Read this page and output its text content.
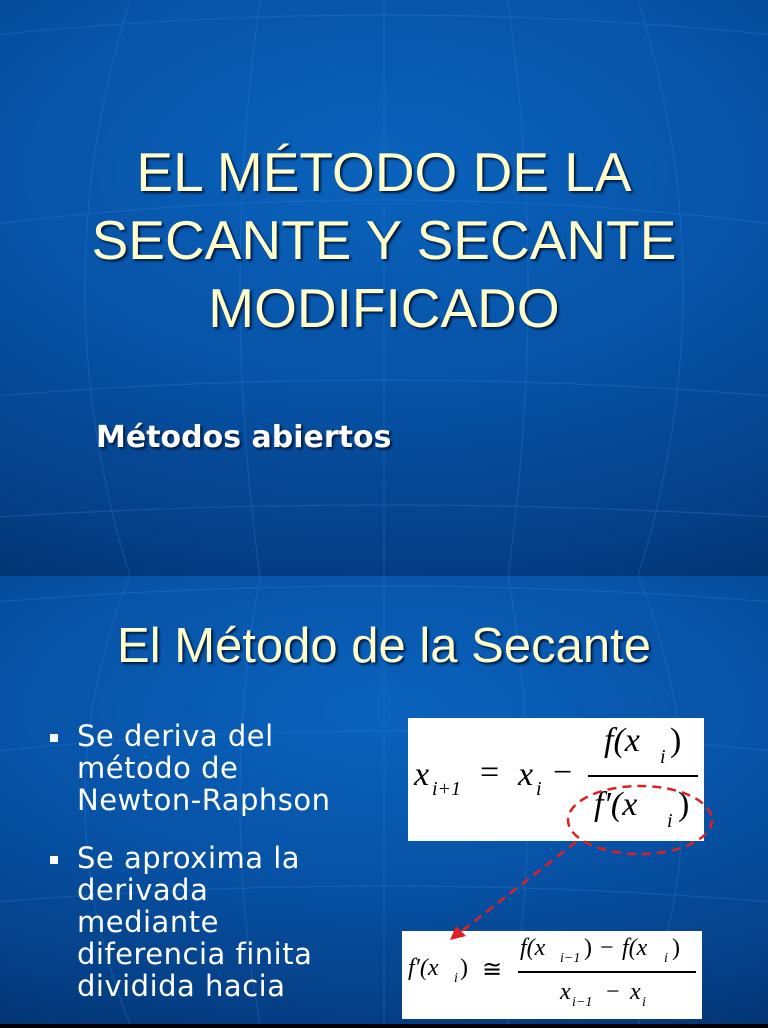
EL MÉTODO DE LA
SECANTE Y SECANTE
MODIFICADO

Métodos abiertos

El Método de la Secante
Se deriva del
método de
Newton-Raphson
Se aproxima la
derivada
mediante
diferencia finita
dividida hacia
x i+1 = x i −
f(x i )
f′(x i )
f′(x i ) ≅
f(x i−1 ) − f(x i )
x i−1 − x i
